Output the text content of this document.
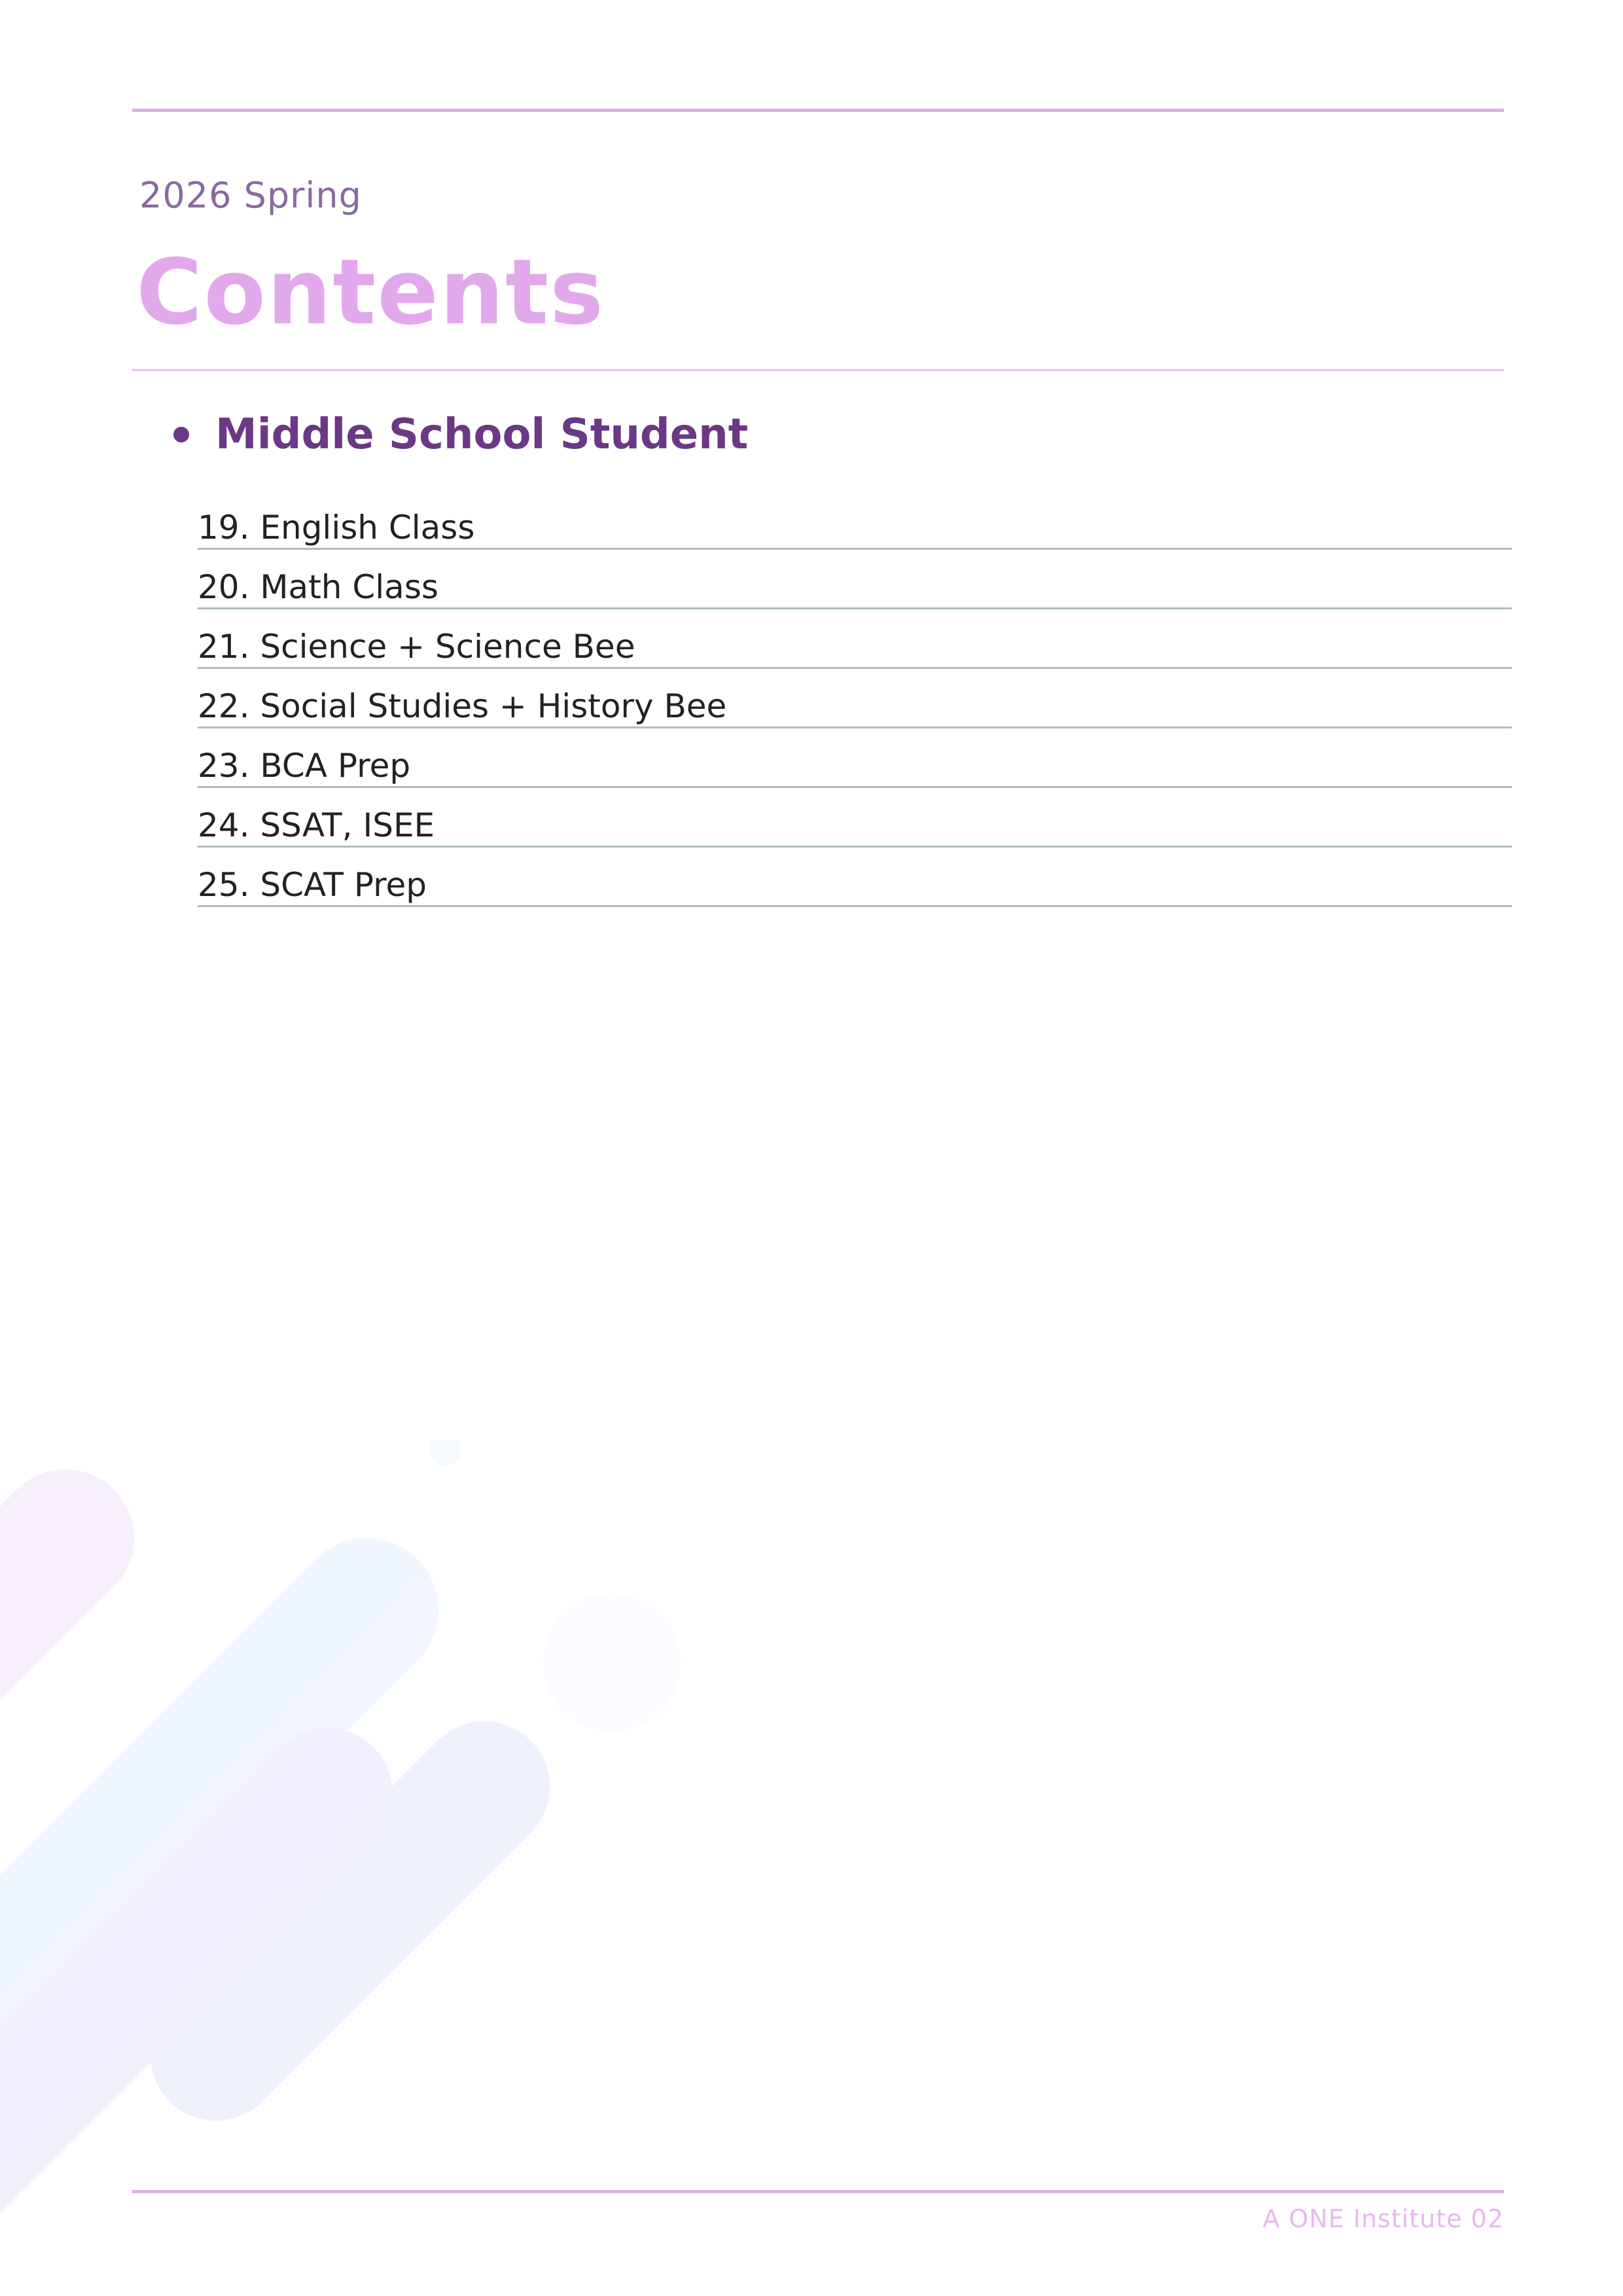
2026 Spring
Contents
Middle School Student
19. English Class
20. Math Class
21. Science + Science Bee
22. Social Studies + History Bee
23. BCA Prep
24. SSAT, ISEE
25. SCAT Prep
A ONE Institute 02
